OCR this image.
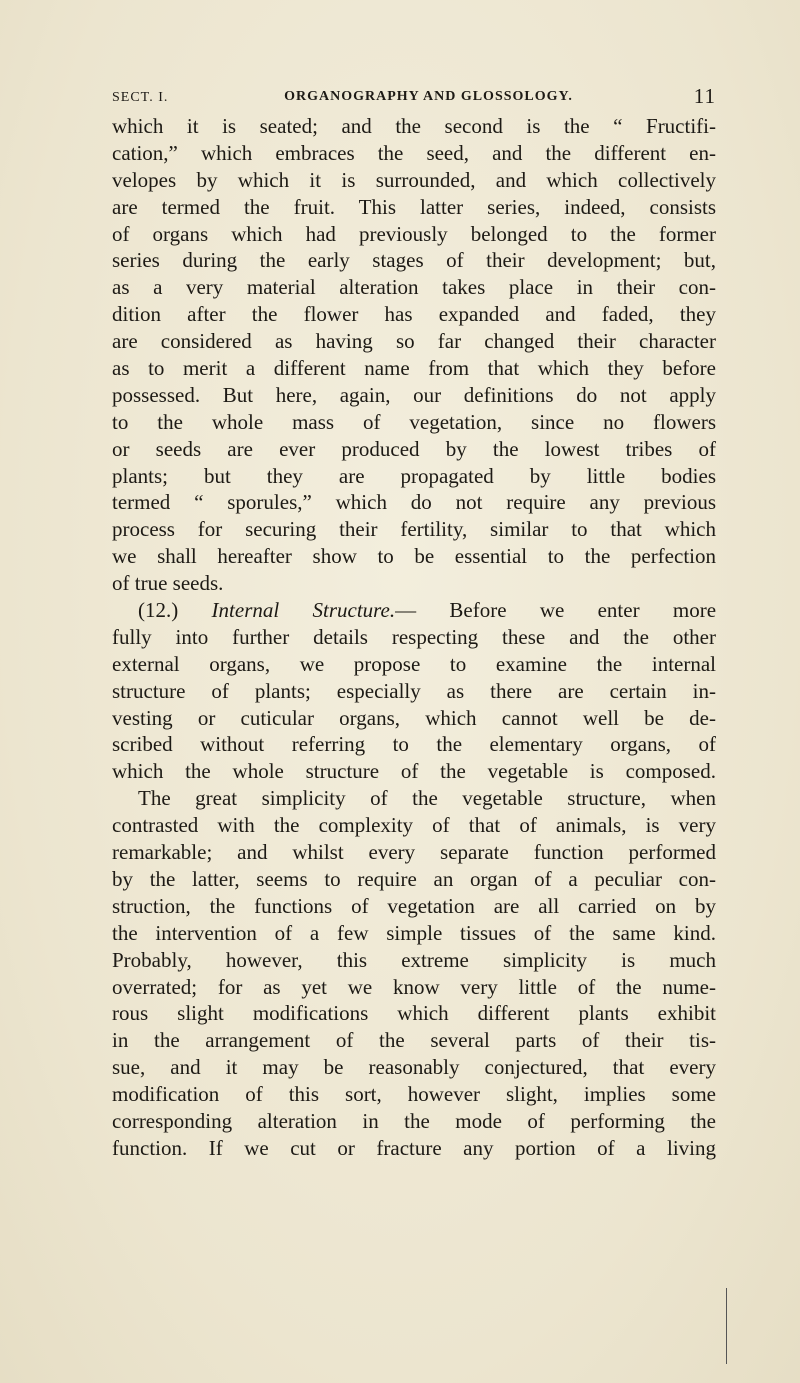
SECT. I.	ORGANOGRAPHY AND GLOSSOLOGY.	11
which it is seated; and the second is the “ Fructifi-
cation,” which embraces the seed, and the different en-
velopes by which it is surrounded, and which collectively
are termed the fruit. This latter series, indeed, consists
of organs which had previously belonged to the former
series during the early stages of their development; but,
as a very material alteration takes place in their con-
dition after the flower has expanded and faded, they
are considered as having so far changed their character
as to merit a different name from that which they before
possessed. But here, again, our definitions do not apply
to the whole mass of vegetation, since no flowers
or seeds are ever produced by the lowest tribes of
plants; but they are propagated by little bodies
termed “ sporules,” which do not require any previous
process for securing their fertility, similar to that which
we shall hereafter show to be essential to the perfection
of true seeds.
(12.) Internal Structure.— Before we enter more
fully into further details respecting these and the other
external organs, we propose to examine the internal
structure of plants; especially as there are certain in-
vesting or cuticular organs, which cannot well be de-
scribed without referring to the elementary organs, of
which the whole structure of the vegetable is composed.
The great simplicity of the vegetable structure, when
contrasted with the complexity of that of animals, is very
remarkable; and whilst every separate function performed
by the latter, seems to require an organ of a peculiar con-
struction, the functions of vegetation are all carried on by
the intervention of a few simple tissues of the same kind.
Probably, however, this extreme simplicity is much
overrated; for as yet we know very little of the nume-
rous slight modifications which different plants exhibit
in the arrangement of the several parts of their tis-
sue, and it may be reasonably conjectured, that every
modification of this sort, however slight, implies some
corresponding alteration in the mode of performing the
function. If we cut or fracture any portion of a living
